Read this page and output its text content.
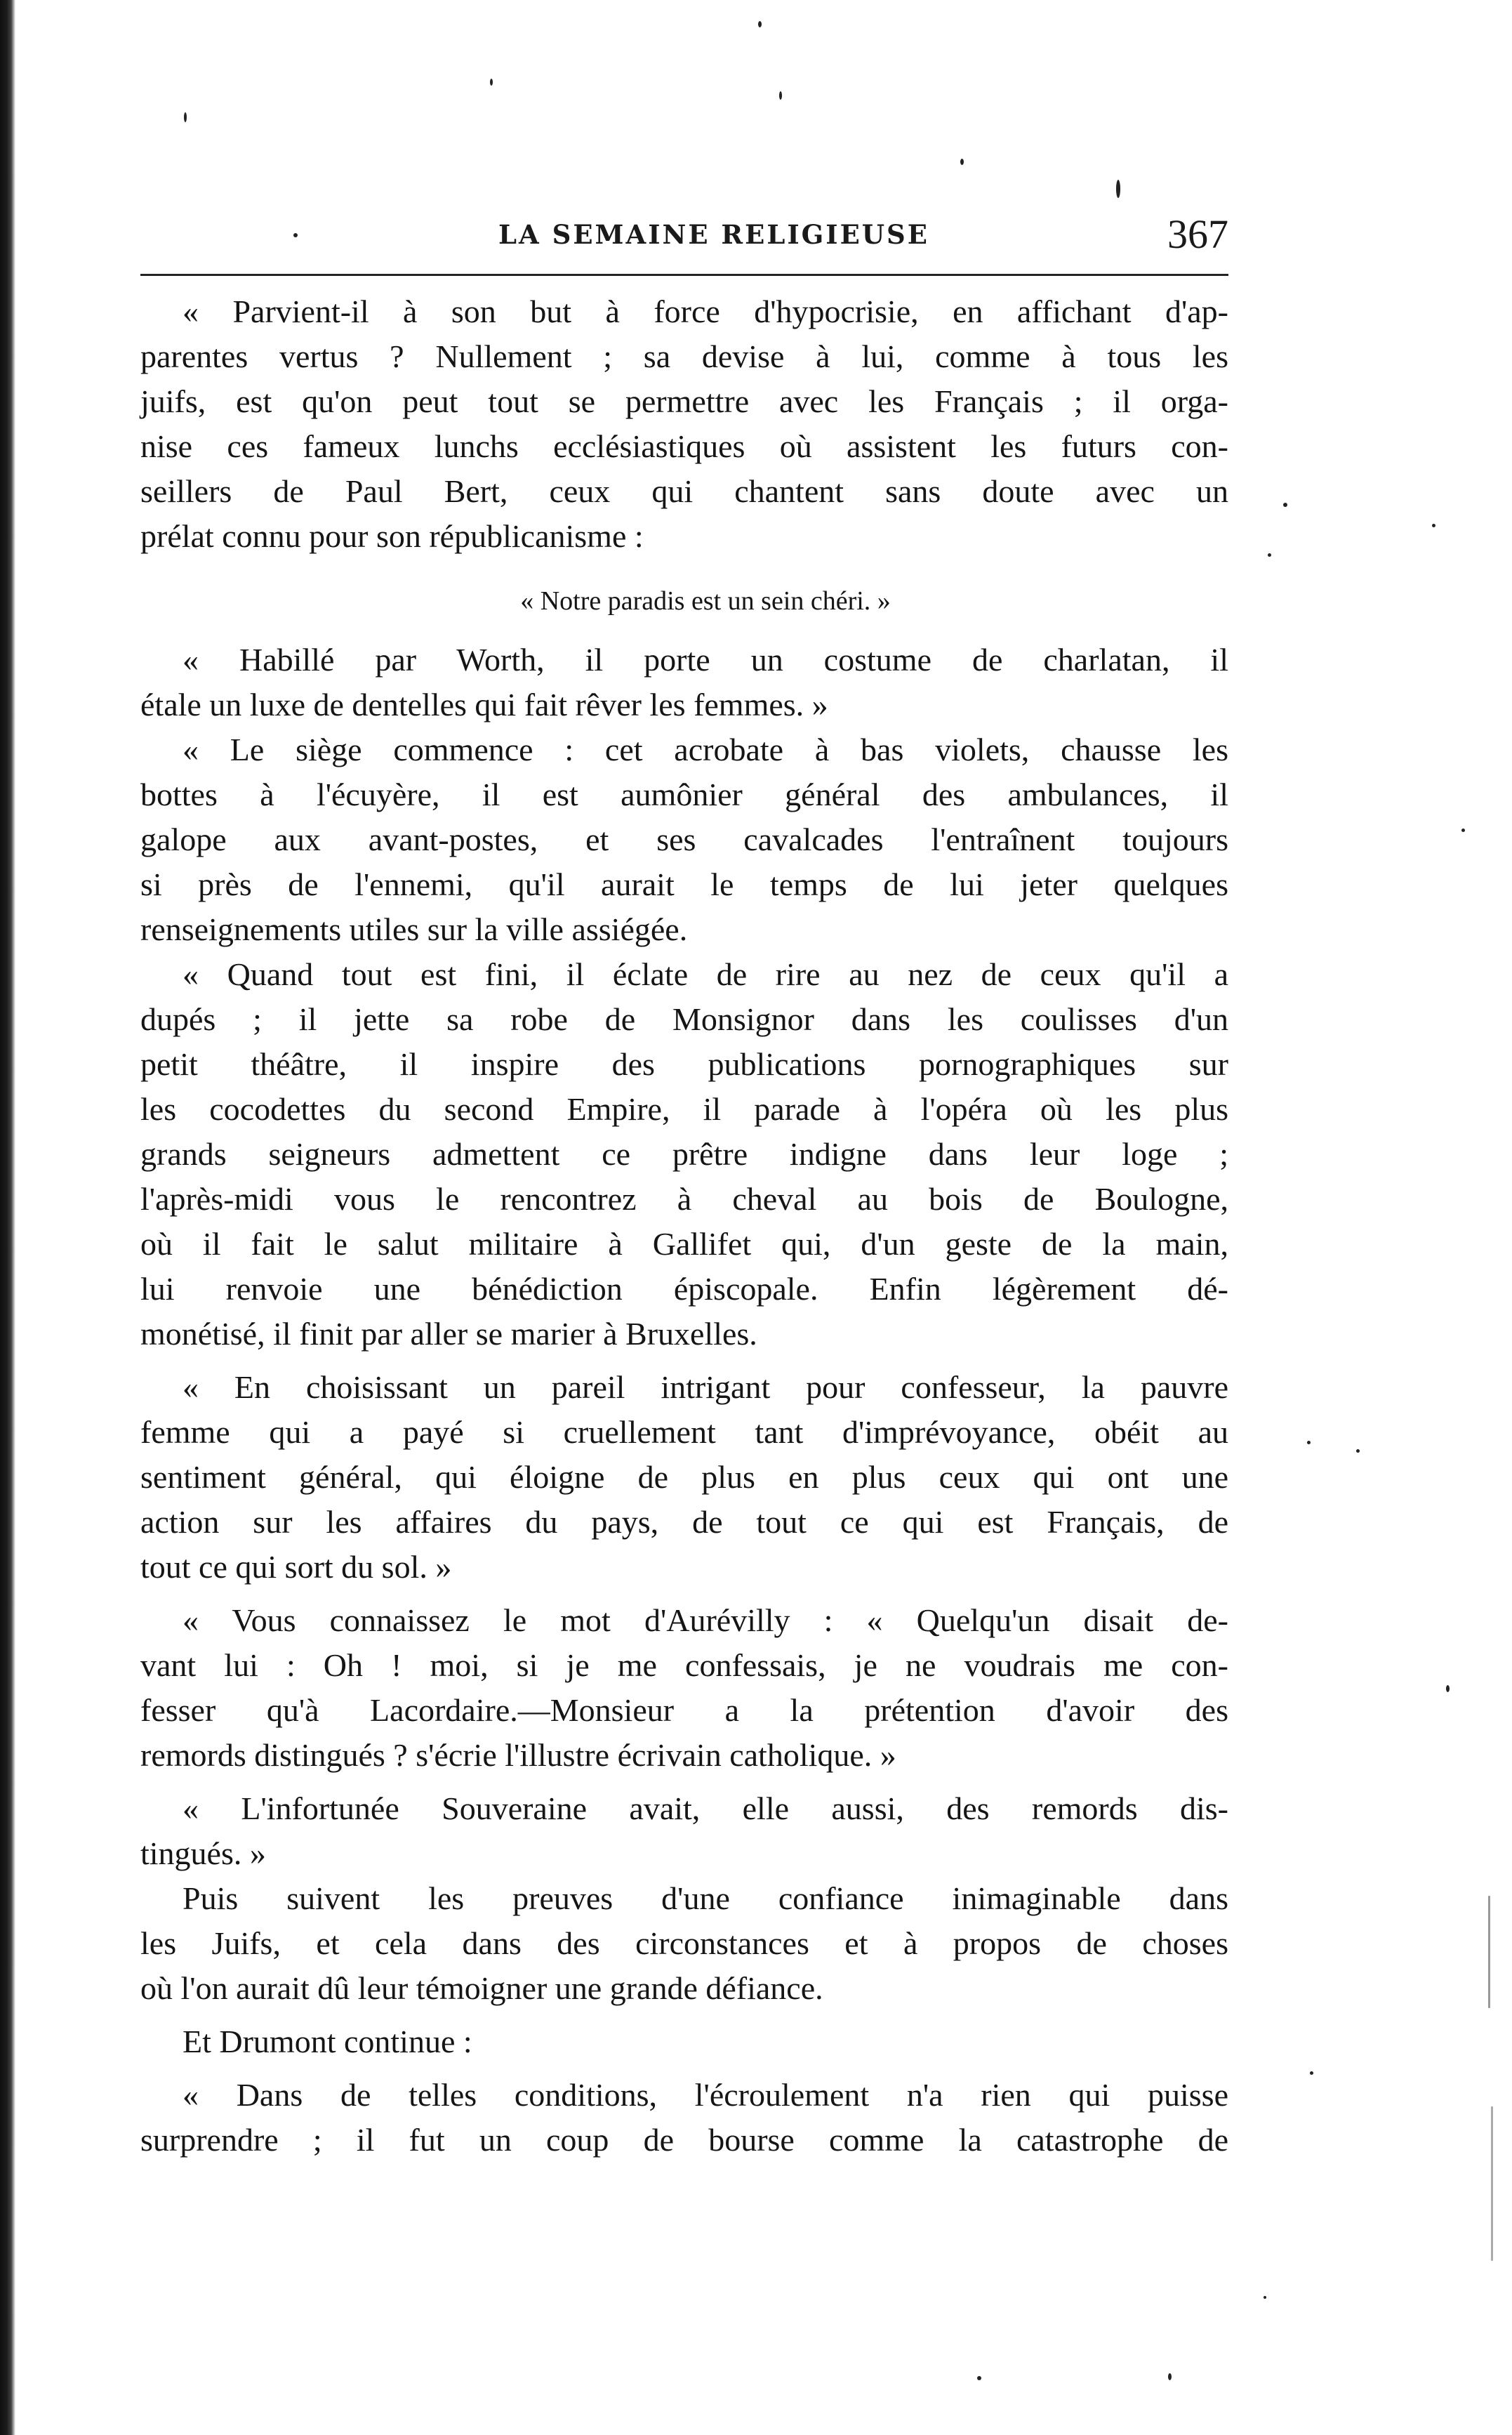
LA SEMAINE RELIGIEUSE	367
« Parvient-il à son but à force d'hypocrisie, en affichant d'ap-
parentes vertus ? Nullement ; sa devise à lui, comme à tous les
juifs, est qu'on peut tout se permettre avec les Français ; il orga-
nise ces fameux lunchs ecclésiastiques où assistent les futurs con-
seillers de Paul Bert, ceux qui chantent sans doute avec un
prélat connu pour son républicanisme :
« Notre paradis est un sein chéri. »
« Habillé par Worth, il porte un costume de charlatan, il
étale un luxe de dentelles qui fait rêver les femmes. »
« Le siège commence : cet acrobate à bas violets, chausse les
bottes à l'écuyère, il est aumônier général des ambulances, il
galope aux avant-postes, et ses cavalcades l'entraînent toujours
si près de l'ennemi, qu'il aurait le temps de lui jeter quelques
renseignements utiles sur la ville assiégée.
« Quand tout est fini, il éclate de rire au nez de ceux qu'il a
dupés ; il jette sa robe de Monsignor dans les coulisses d'un
petit théâtre, il inspire des publications pornographiques sur
les cocodettes du second Empire, il parade à l'opéra où les plus
grands seigneurs admettent ce prêtre indigne dans leur loge ;
l'après-midi vous le rencontrez à cheval au bois de Boulogne,
où il fait le salut militaire à Gallifet qui, d'un geste de la main,
lui renvoie une bénédiction épiscopale. Enfin légèrement dé-
monétisé, il finit par aller se marier à Bruxelles.
« En choisissant un pareil intrigant pour confesseur, la pauvre
femme qui a payé si cruellement tant d'imprévoyance, obéit au
sentiment général, qui éloigne de plus en plus ceux qui ont une
action sur les affaires du pays, de tout ce qui est Français, de
tout ce qui sort du sol. »
« Vous connaissez le mot d'Aurévilly : « Quelqu'un disait de-
vant lui : Oh ! moi, si je me confessais, je ne voudrais me con-
fesser qu'à Lacordaire.—Monsieur a la prétention d'avoir des
remords distingués ? s'écrie l'illustre écrivain catholique. »
« L'infortunée Souveraine avait, elle aussi, des remords dis-
tingués. »
Puis suivent les preuves d'une confiance inimaginable dans
les Juifs, et cela dans des circonstances et à propos de choses
où l'on aurait dû leur témoigner une grande défiance.
Et Drumont continue :
« Dans de telles conditions, l'écroulement n'a rien qui puisse
surprendre ; il fut un coup de bourse comme la catastrophe de
